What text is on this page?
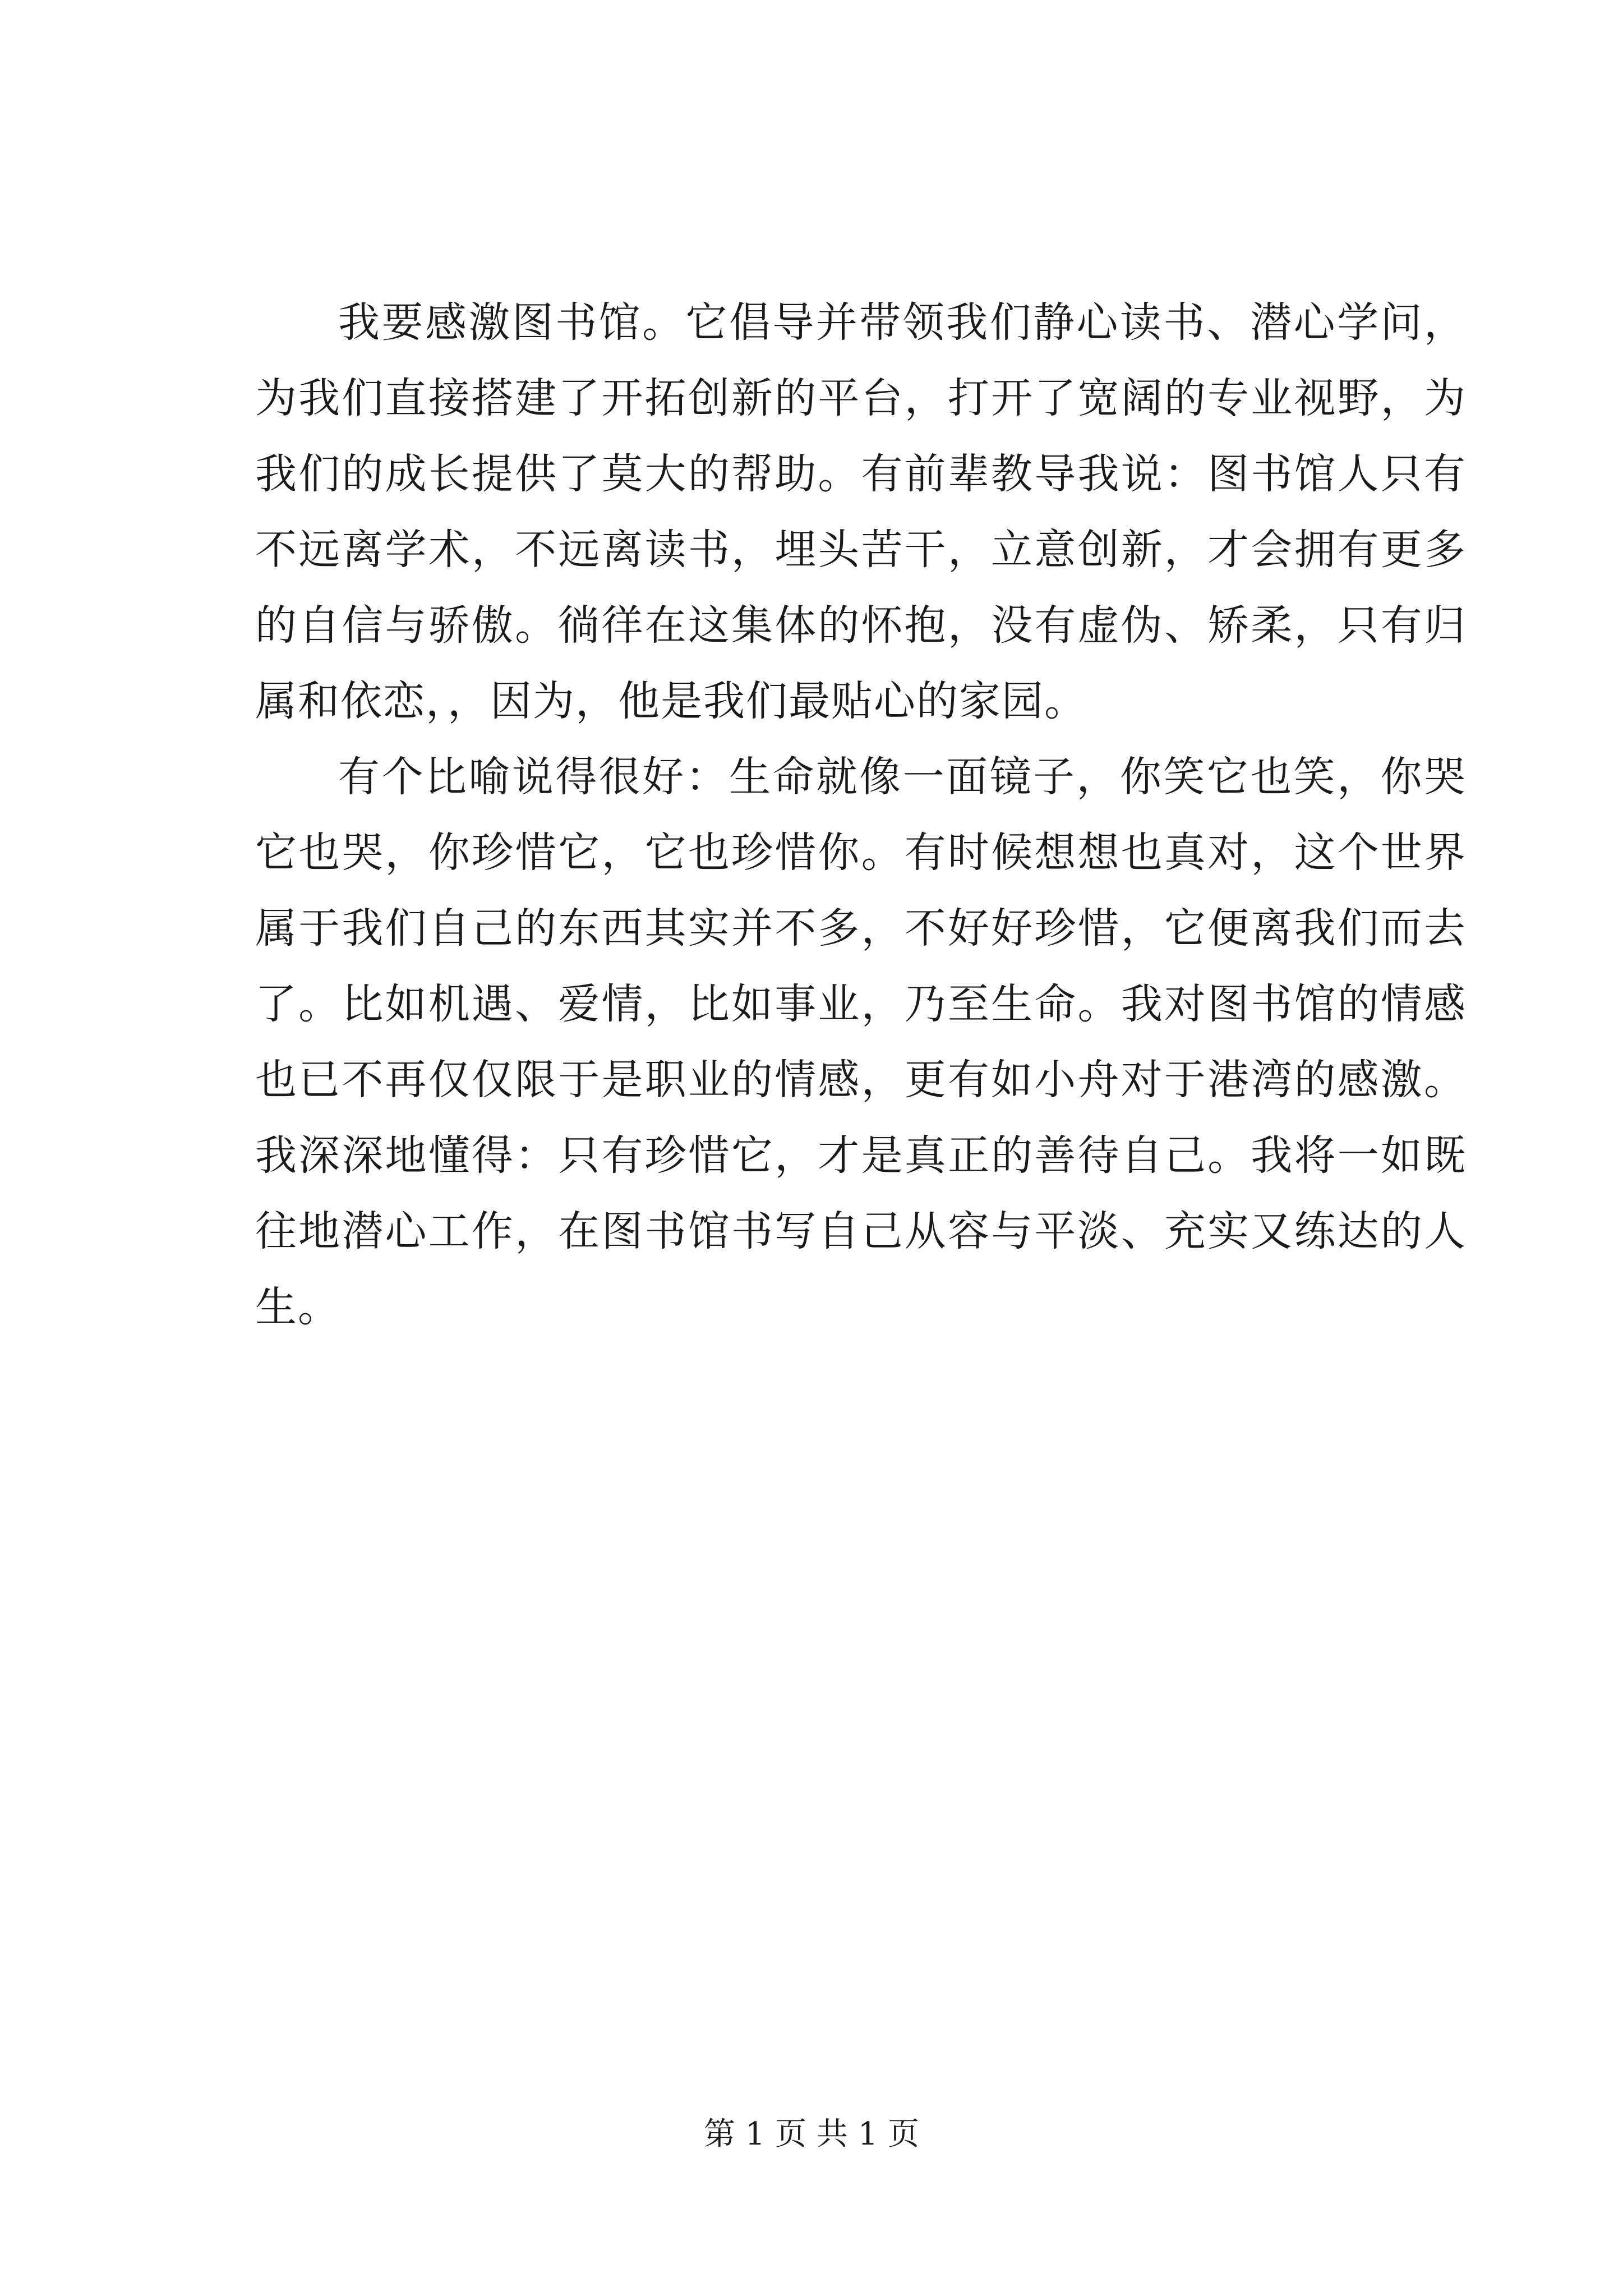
我要感激图书馆。它倡导并带领我们静心读书、潜心学问，为我们直接搭建了开拓创新的平台，打开了宽阔的专业视野，为我们的成长提供了莫大的帮助。有前辈教导我说：图书馆人只有不远离学术，不远离读书，埋头苦干，立意创新，才会拥有更多的自信与骄傲。徜徉在这集体的怀抱，没有虚伪、矫柔，只有归属和依恋，，因为，他是我们最贴心的家园。

有个比喻说得很好：生命就像一面镜子，你笑它也笑，你哭它也哭，你珍惜它，它也珍惜你。有时候想想也真对，这个世界属于我们自己的东西其实并不多，不好好珍惜，它便离我们而去了。比如机遇、爱情，比如事业，乃至生命。我对图书馆的情感也已不再仅仅限于是职业的情感，更有如小舟对于港湾的感激。我深深地懂得：只有珍惜它，才是真正的善待自己。我将一如既往地潜心工作，在图书馆书写自己从容与平淡、充实又练达的人生。

第 1 页 共 1 页
